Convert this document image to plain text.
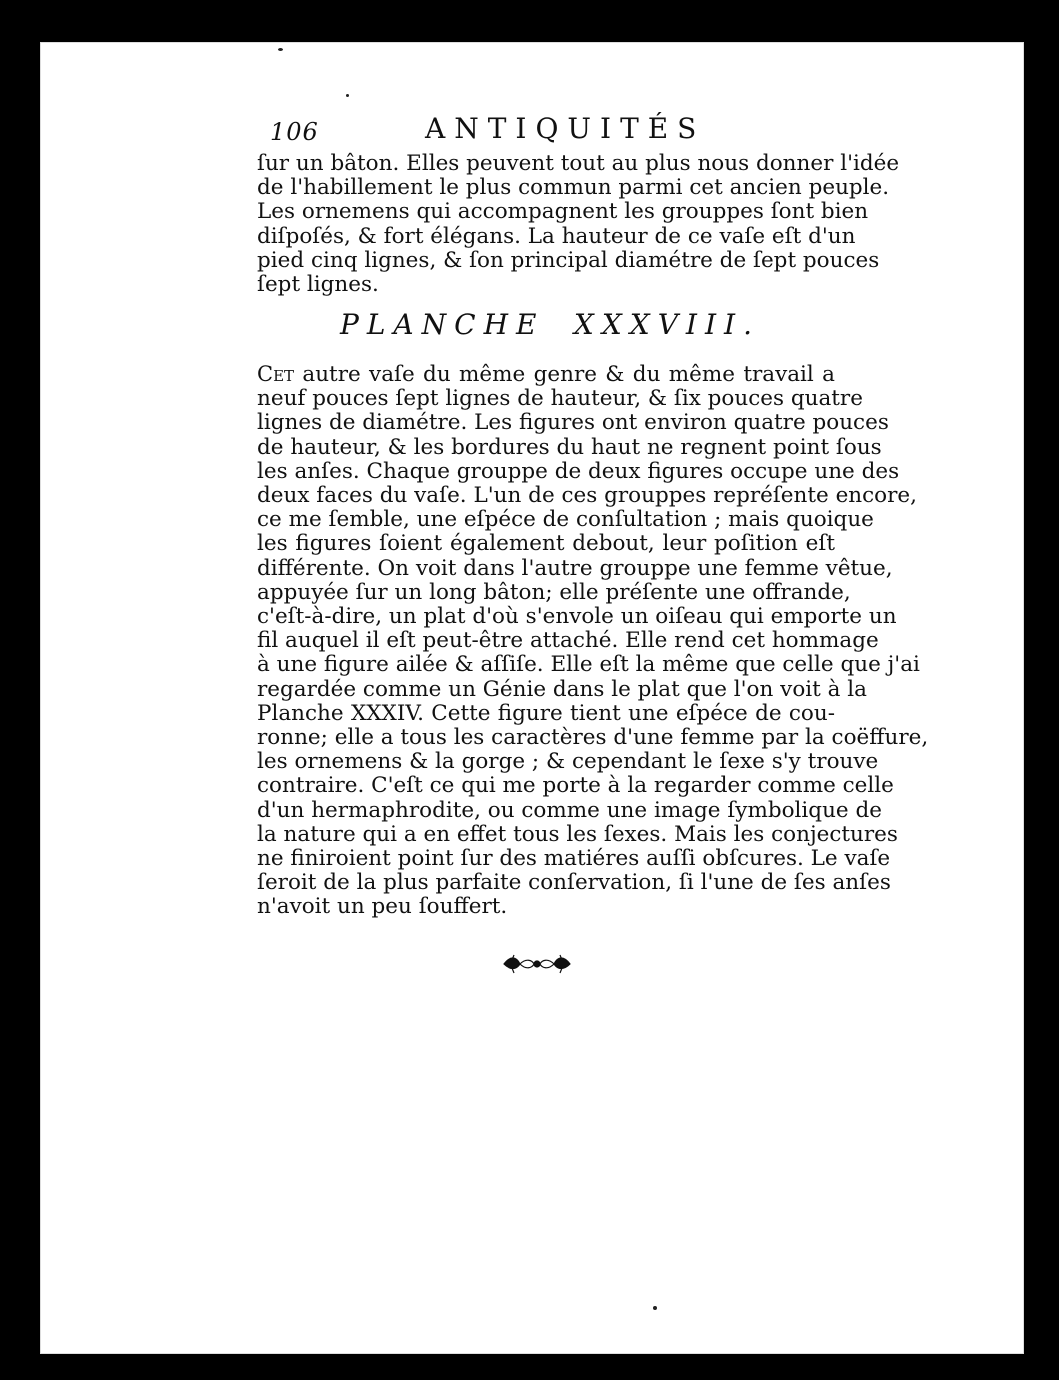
106	ANTIQUITÉS
ſur un bâton. Elles peuvent tout au plus nous donner l'idée
de l'habillement le plus commun parmi cet ancien peuple.
Les ornemens qui accompagnent les grouppes ſont bien
diſpoſés, & fort élégans. La hauteur de ce vaſe eſt d'un
pied cinq lignes, & ſon principal diamétre de ſept pouces
ſept lignes.
PLANCHE XXXVIII.
Cet autre vaſe du même genre & du même travail a
neuf pouces ſept lignes de hauteur, & ſix pouces quatre
lignes de diamétre. Les figures ont environ quatre pouces
de hauteur, & les bordures du haut ne regnent point ſous
les anſes. Chaque grouppe de deux figures occupe une des
deux faces du vaſe. L'un de ces grouppes repréſente encore,
ce me ſemble, une eſpéce de conſultation ; mais quoique
les figures ſoient également debout, leur poſition eſt
différente. On voit dans l'autre grouppe une femme vêtue,
appuyée ſur un long bâton; elle préſente une offrande,
c'eſt-à-dire, un plat d'où s'envole un oiſeau qui emporte un
fil auquel il eſt peut-être attaché. Elle rend cet hommage
à une figure ailée & aſſiſe. Elle eſt la même que celle que j'ai
regardée comme un Génie dans le plat que l'on voit à la
Planche XXXIV. Cette figure tient une eſpéce de cou-
ronne; elle a tous les caractères d'une femme par la coëffure,
les ornemens & la gorge ; & cependant le ſexe s'y trouve
contraire. C'eſt ce qui me porte à la regarder comme celle
d'un hermaphrodite, ou comme une image ſymbolique de
la nature qui a en effet tous les ſexes. Mais les conjectures
ne finiroient point ſur des matiéres auſſi obſcures. Le vaſe
ſeroit de la plus parfaite conſervation, ſi l'une de ſes anſes
n'avoit un peu ſouffert.
